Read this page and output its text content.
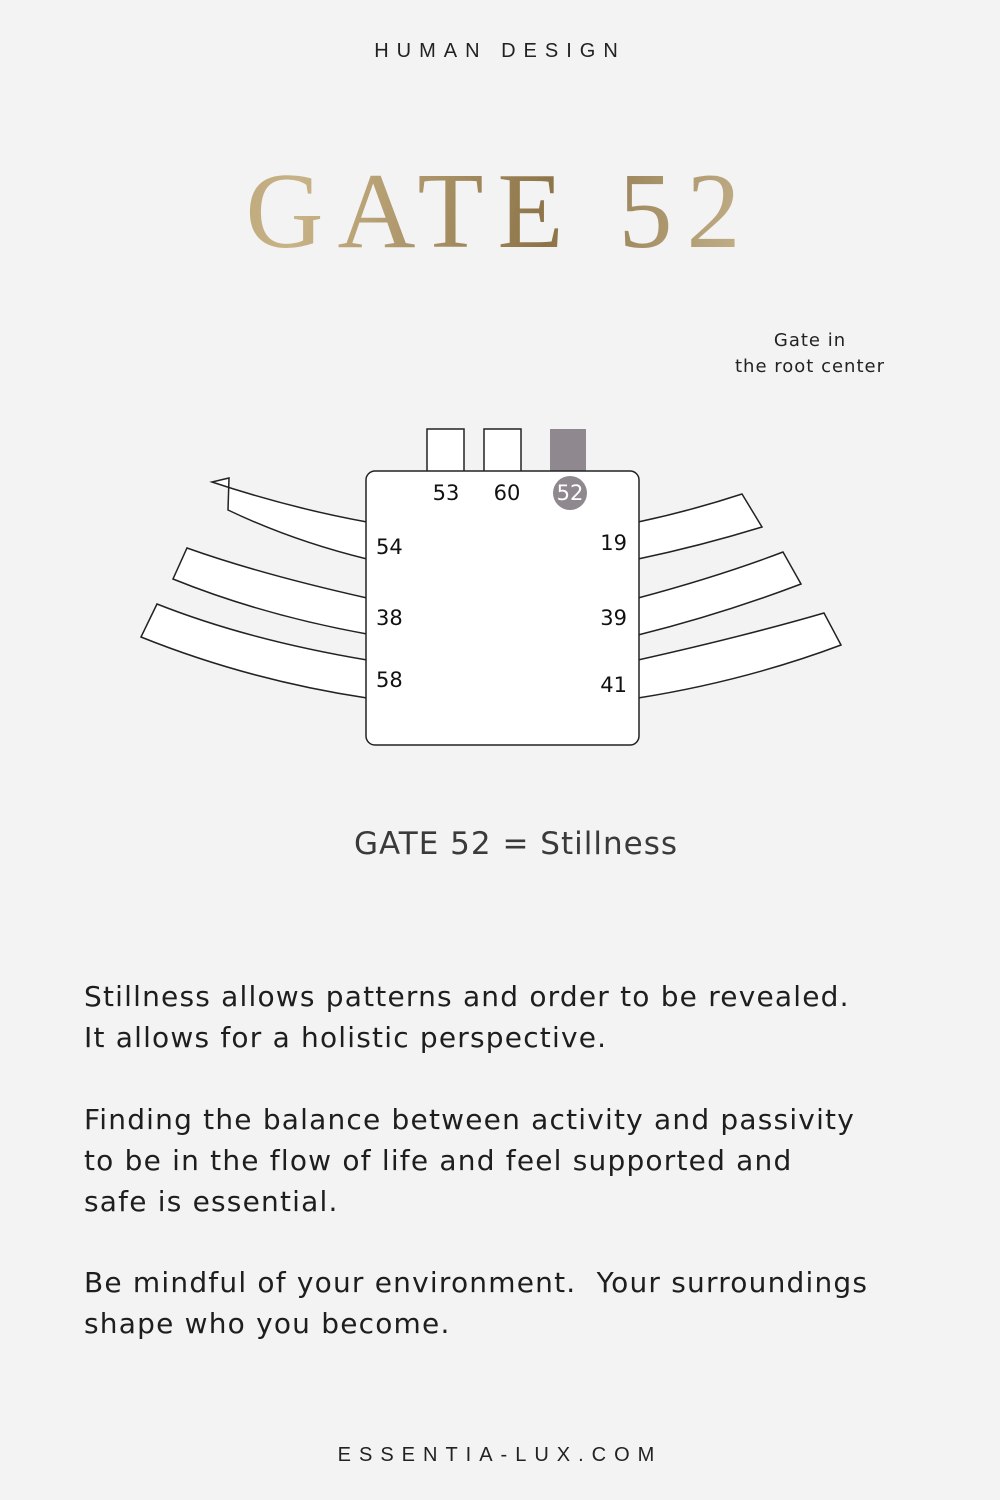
HUMAN DESIGN
GATE 52
Gate in
the root center
53 60 52
54
38
58
19
39
41
GATE 52 = Stillness
Stillness allows patterns and order to be revealed.
It allows for a holistic perspective.
Finding the balance between activity and passivity
to be in the flow of life and feel supported and
safe is essential.
Be mindful of your environment.  Your surroundings
shape who you become.
ESSENTIA-LUX.COM
